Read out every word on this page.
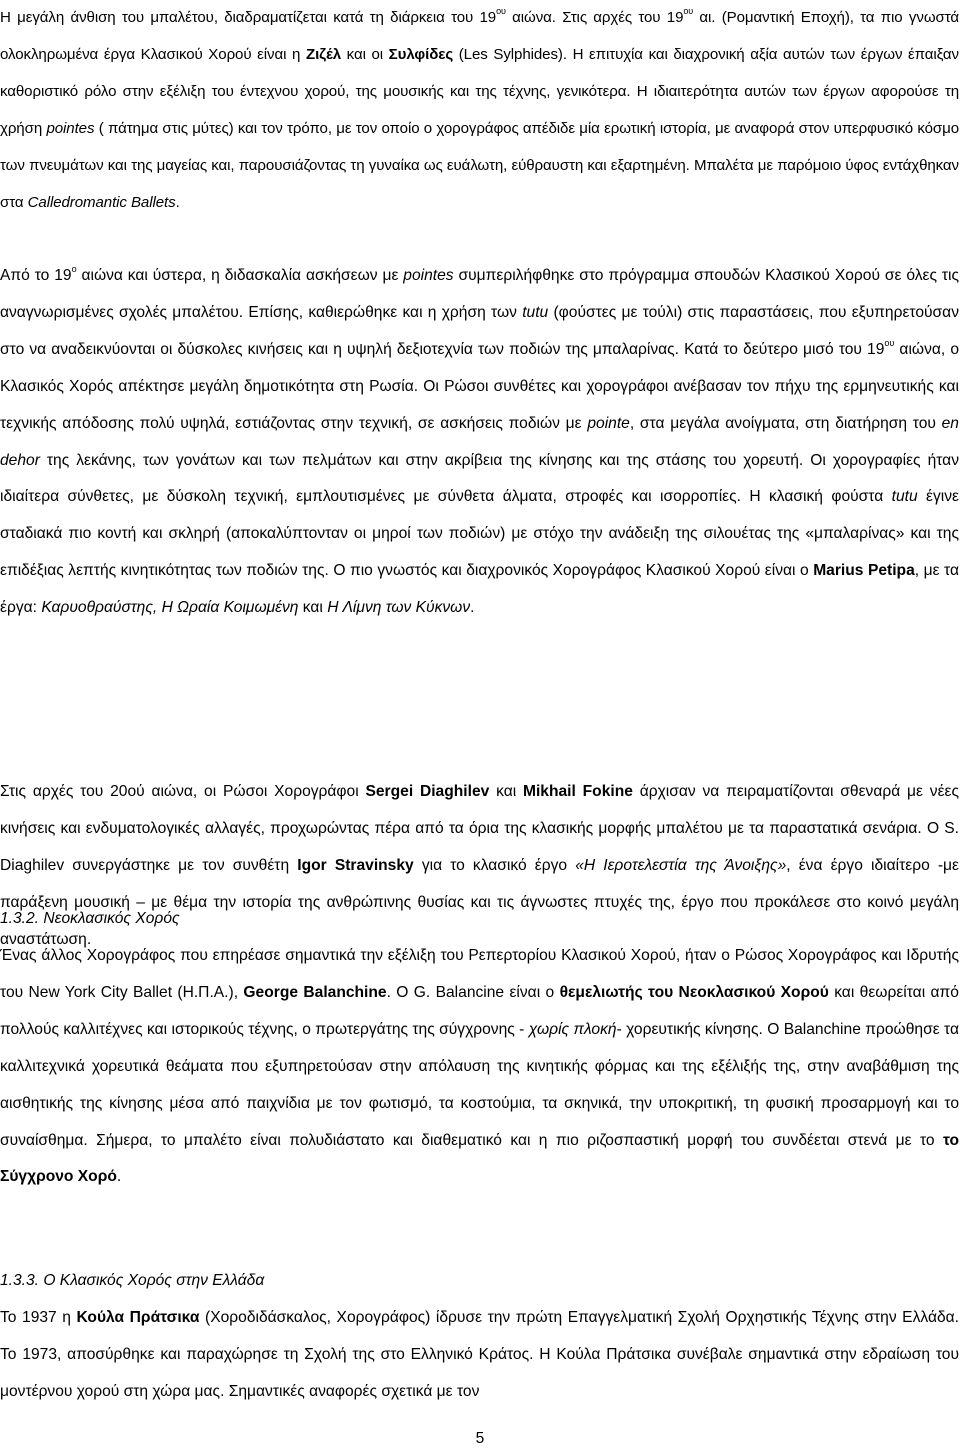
Η μεγάλη άνθιση του μπαλέτου, διαδραματίζεται κατά τη διάρκεια του $19^{o\upsilon}$ αιώνα. Στις αρχές του $19^{o\upsilon}$ αι. (Ρομαντική Εποχή), τα πιο γνωστά ολοκληρωμένα έργα Κλασικού Χορού είναι η Ζιζέλ και οι Συλφίδες (Les Sylphides). Η επιτυχία και διαχρονική αξία αυτών των έργων έπαιξαν καθοριστικό ρόλο στην εξέλιξη του έντεχνου χορού, της μουσικής και της τέχνης, γενικότερα. Η ιδιαιτερότητα αυτών των έργων αφορούσε τη χρήση pointes ( πάτημα στις μύτες) και τον τρόπο, με τον οποίο ο χορογράφος απέδιδε μία ερωτική ιστορία, με αναφορά στον υπερφυσικό κόσμο των πνευμάτων και της μαγείας και, παρουσιάζοντας τη γυναίκα ως ευάλωτη, εύθραυστη και εξαρτημένη. Μπαλέτα με παρόμοιο ύφος εντάχθηκαν στα Calledromantic Ballets.
Από το $19^o$ αιώνα και ύστερα, η διδασκαλία ασκήσεων με pointes συμπεριλήφθηκε στο πρόγραμμα σπουδών Κλασικού Χορού σε όλες τις αναγνωρισμένες σχολές μπαλέτου. Επίσης, καθιερώθηκε και η χρήση των tutu (φούστες με τούλι) στις παραστάσεις, που εξυπηρετούσαν στο να αναδεικνύονται οι δύσκολες κινήσεις και η υψηλή δεξιοτεχνία των ποδιών της μπαλαρίνας. Κατά το δεύτερο μισό του $19^{o\upsilon}$ αιώνα, ο Κλασικός Χορός απέκτησε μεγάλη δημοτικότητα στη Ρωσία. Οι Ρώσοι συνθέτες και χορογράφοι ανέβασαν τον πήχυ της ερμηνευτικής και τεχνικής απόδοσης πολύ υψηλά, εστιάζοντας στην τεχνική, σε ασκήσεις ποδιών με pointe, στα μεγάλα ανοίγματα, στη διατήρηση του en dehor της λεκάνης, των γονάτων και των πελμάτων και στην ακρίβεια της κίνησης και της στάσης του χορευτή. Οι χορογραφίες ήταν ιδιαίτερα σύνθετες, με δύσκολη τεχνική, εμπλουτισμένες με σύνθετα άλματα, στροφές και ισορροπίες. Η κλασική φούστα tutu έγινε σταδιακά πιο κοντή και σκληρή (αποκαλύπτονταν οι μηροί των ποδιών) με στόχο την ανάδειξη της σιλουέτας της «μπαλαρίνας» και της επιδέξιας λεπτής κινητικότητας των ποδιών της. Ο πιο γνωστός και διαχρονικός Χορογράφος Κλασικού Χορού είναι ο Marius Petipa, με τα έργα: Καρυοθραύστης, Η Ωραία Κοιμωμένη και Η Λίμνη των Κύκνων.
Στις αρχές του 20ού αιώνα, οι Ρώσοι Χορογράφοι Sergei Diaghilev και Mikhail Fokine άρχισαν να πειραματίζονται σθεναρά με νέες κινήσεις και ενδυματολογικές αλλαγές, προχωρώντας πέρα από τα όρια της κλασικής μορφής μπαλέτου με τα παραστατικά σενάρια. Ο S. Diaghilev συνεργάστηκε με τον συνθέτη Igor Stravinsky για το κλασικό έργο «Η Ιεροτελεστία της Άνοιξης», ένα έργο ιδιαίτερο -με παράξενη μουσική – με θέμα την ιστορία της ανθρώπινης θυσίας και τις άγνωστες πτυχές της, έργο που προκάλεσε στο κοινό μεγάλη αναστάτωση.
1.3.2. Νεοκλασικός Χορός
Ένας άλλος Χορογράφος που επηρέασε σημαντικά την εξέλιξη του Ρεπερτορίου Κλασικού Χορού, ήταν ο Ρώσος Χορογράφος και Ιδρυτής του New York City Ballet (Η.Π.Α.), George Balanchine. Ο G. Balancine είναι ο θεμελιωτής του Νεοκλασικού Χορού και θεωρείται από πολλούς καλλιτέχνες και ιστορικούς τέχνης, ο πρωτεργάτης της σύγχρονης - χωρίς πλοκή- χορευτικής κίνησης. Ο Balanchine προώθησε τα καλλιτεχνικά χορευτικά θεάματα που εξυπηρετούσαν στην απόλαυση της κινητικής φόρμας και της εξέλιξής της, στην αναβάθμιση της αισθητικής της κίνησης μέσα από παιχνίδια με τον φωτισμό, τα κοστούμια, τα σκηνικά, την υποκριτική, τη φυσική προσαρμογή και το συναίσθημα. Σήμερα, το μπαλέτο είναι πολυδιάστατο και διαθεματικό και η πιο ριζοσπαστική μορφή του συνδέεται στενά με το το Σύγχρονο Χορό.
1.3.3. Ο Κλασικός Χορός στην Ελλάδα
Το 1937 η Κούλα Πράτσικα (Χοροδιδάσκαλος, Χορογράφος) ίδρυσε την πρώτη Επαγγελματική Σχολή Ορχηστικής Τέχνης στην Ελλάδα. Το 1973, αποσύρθηκε και παραχώρησε τη Σχολή της στο Ελληνικό Κράτος. Η Κούλα Πράτσικα συνέβαλε σημαντικά στην εδραίωση του μοντέρνου χορού στη χώρα μας. Σημαντικές αναφορές σχετικά με τον
5
